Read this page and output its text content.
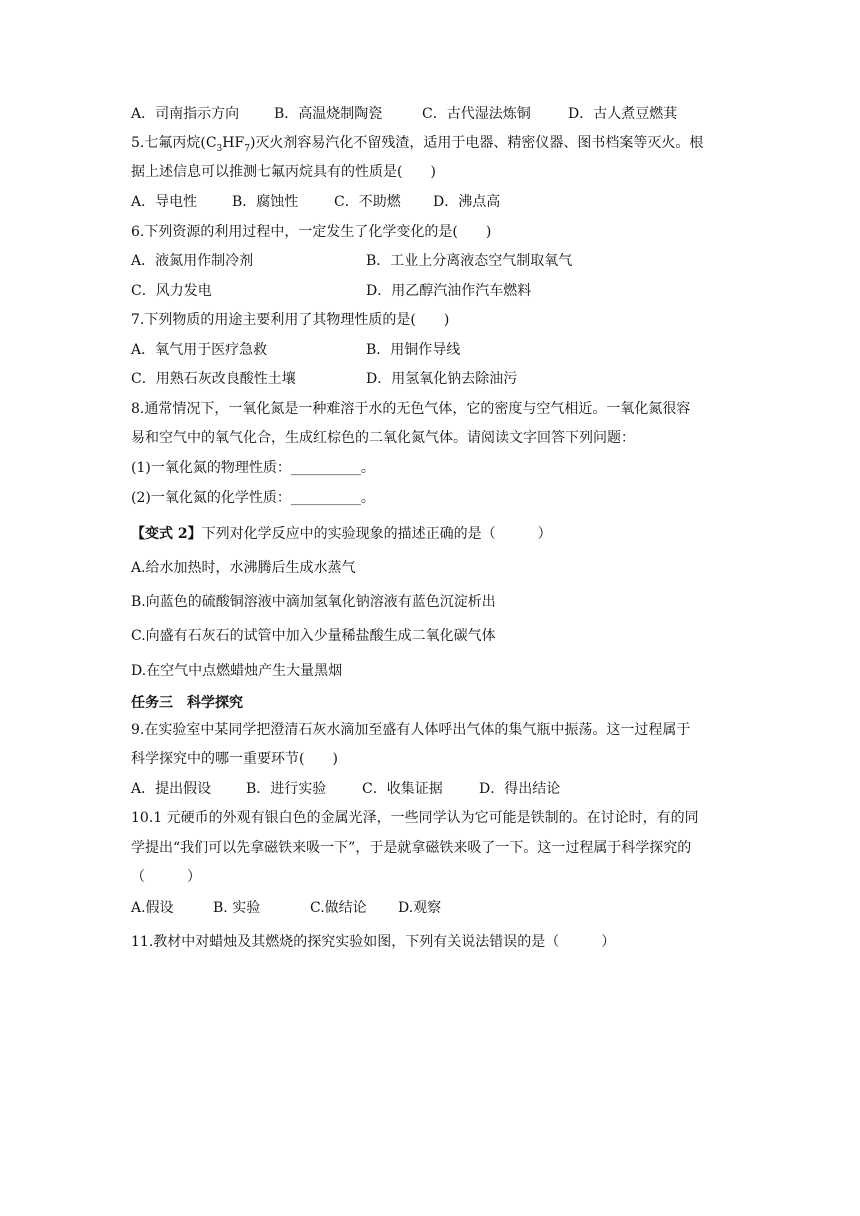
A．司南指示方向 B．高温烧制陶瓷	C．古代湿法炼铜	D．古人煮豆燃萁
5.七氟丙烷$(C_3HF_7)$灭火剂容易汽化不留残渣，适用于电器、精密仪器、图书档案等灭火。根
据上述信息可以推测七氟丙烷具有的性质是(　　)
A．导电性 B．腐蚀性	C．不助燃 D．沸点高
6.下列资源的利用过程中，一定发生了化学变化的是(　　)
A．液氮用作制冷剂	B．工业上分离液态空气制取氧气
C．风力发电	D．用乙醇汽油作汽车燃料
7.下列物质的用途主要利用了其物理性质的是(　　)
A．氧气用于医疗急救	B．用铜作导线
C．用熟石灰改良酸性土壤	D．用氢氧化钠去除油污
8.通常情况下，一氧化氮是一种难溶于水的无色气体，它的密度与空气相近。一氧化氮很容
易和空气中的氧气化合，生成红棕色的二氧化氮气体。请阅读文字回答下列问题：
(1)一氧化氮的物理性质：__________。
(2)一氧化氮的化学性质：__________。
【变式 2】下列对化学反应中的实验现象的描述正确的是（　　　）
A.给水加热时，水沸腾后生成水蒸气
B.向蓝色的硫酸铜溶液中滴加氢氧化钠溶液有蓝色沉淀析出
C.向盛有石灰石的试管中加入少量稀盐酸生成二氧化碳气体
D.在空气中点燃蜡烛产生大量黑烟
任务三　科学探究
9.在实验室中某同学把澄清石灰水滴加至盛有人体呼出气体的集气瓶中振荡。这一过程属于
科学探究中的哪一重要环节(　　)
A．提出假设 B．进行实验	C．收集证据	D．得出结论
10.1 元硬币的外观有银白色的金属光泽，一些同学认为它可能是铁制的。在讨论时，有的同
学提出“我们可以先拿磁铁来吸一下”，于是就拿磁铁来吸了一下。这一过程属于科学探究的
（　　　）
A.假设	B. 实验	C.做结论 D.观察
11.教材中对蜡烛及其燃烧的探究实验如图，下列有关说法错误的是（　　　）
